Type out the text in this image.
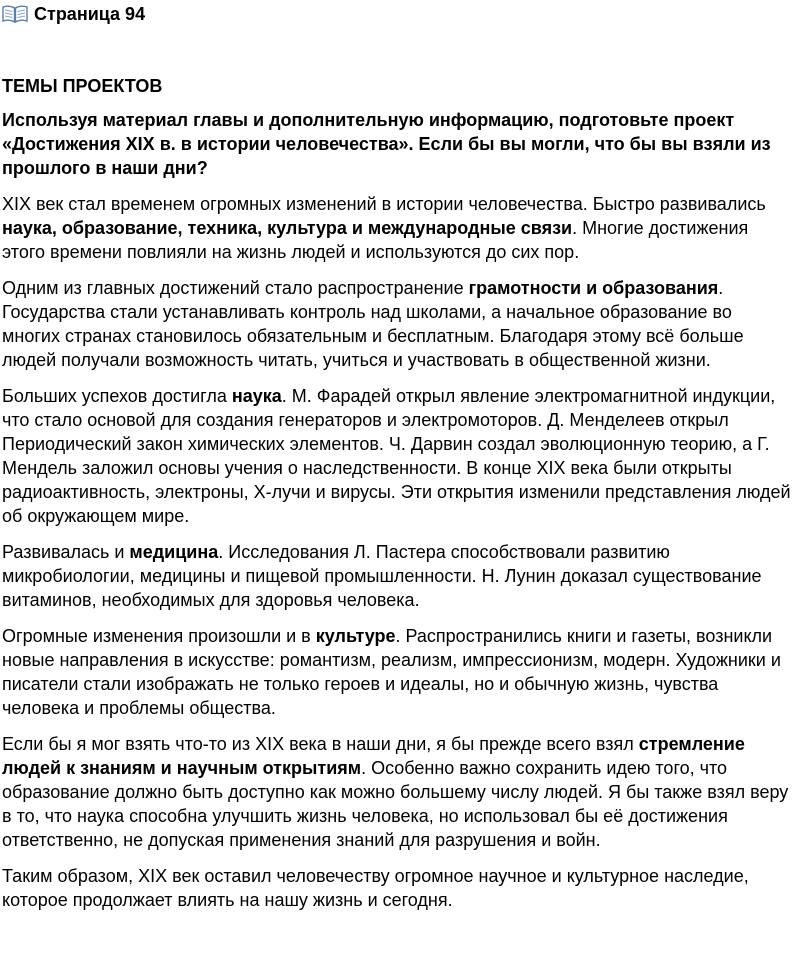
Страница 94
ТЕМЫ ПРОЕКТОВ
Используя материал главы и дополнительную информацию, подготовьте проект «Достижения XIX в. в истории человечества». Если бы вы могли, что бы вы взяли из прошлого в наши дни?

XIX век стал временем огромных изменений в истории человечества. Быстро развивались наука, образование, техника, культура и международные связи. Многие достижения этого времени повлияли на жизнь людей и используются до сих пор.

Одним из главных достижений стало распространение грамотности и образования. Государства стали устанавливать контроль над школами, а начальное образование во многих странах становилось обязательным и бесплатным. Благодаря этому всё больше людей получали возможность читать, учиться и участвовать в общественной жизни.

Больших успехов достигла наука. М. Фарадей открыл явление электромагнитной индукции, что стало основой для создания генераторов и электромоторов. Д. Менделеев открыл Периодический закон химических элементов. Ч. Дарвин создал эволюционную теорию, а Г. Мендель заложил основы учения о наследственности. В конце XIX века были открыты радиоактивность, электроны, X-лучи и вирусы. Эти открытия изменили представления людей об окружающем мире.

Развивалась и медицина. Исследования Л. Пастера способствовали развитию микробиологии, медицины и пищевой промышленности. Н. Лунин доказал существование витаминов, необходимых для здоровья человека.

Огромные изменения произошли и в культуре. Распространились книги и газеты, возникли новые направления в искусстве: романтизм, реализм, импрессионизм, модерн. Художники и писатели стали изображать не только героев и идеалы, но и обычную жизнь, чувства человека и проблемы общества.

Если бы я мог взять что-то из XIX века в наши дни, я бы прежде всего взял стремление людей к знаниям и научным открытиям. Особенно важно сохранить идею того, что образование должно быть доступно как можно большему числу людей. Я бы также взял веру в то, что наука способна улучшить жизнь человека, но использовал бы её достижения ответственно, не допуская применения знаний для разрушения и войн.

Таким образом, XIX век оставил человечеству огромное научное и культурное наследие, которое продолжает влиять на нашу жизнь и сегодня.
